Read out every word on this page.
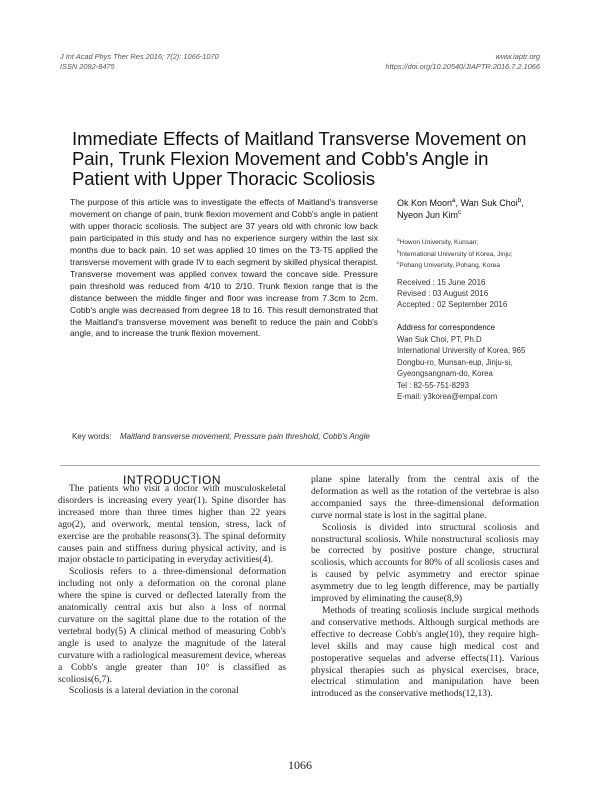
J Int Acad Phys Ther Res 2016; 7(2): 1066-1070
ISSN 2092-8475
www.iaptr.org
https://doi.org/10.20540/JIAPTR.2016.7.2.1066
Immediate Effects of Maitland Transverse Movement on Pain, Trunk Flexion Movement and Cobb's Angle in Patient with Upper Thoracic Scoliosis
The purpose of this article was to investigate the effects of Maitland's transverse movement on change of pain, trunk flexion movement and Cobb's angle in patient with upper thoracic scoliosis. The subject are 37 years old with chronic low back pain participated in this study and has no experience surgery within the last six months due to back pain. 10 set was applied 10 times on the T3-T5 applied the transverse movement with grade IV to each segment by skilled physical therapist. Transverse movement was applied convex toward the concave side. Pressure pain threshold was reduced from 4/10 to 2/10. Trunk flexion range that is the distance between the middle finger and floor was increase from 7.3cm to 2cm. Cobb's angle was decreased from degree 18 to 16. This result demonstrated that the Maitland's transverse movement was benefit to reduce the pain and Cobb's angle, and to increase the trunk flexion movement.
Ok Kon Moon$^a$, Wan Suk Choi$^b$,
Nyeon Jun Kim$^c$
$^a$Howon University, Kunsan;
$^b$International University of Korea, Jinju;
$^c$Pohang University, Pohang, Korea
Received : 15 June 2016
Revised : 03 August 2016
Accepted : 02 September 2016
Address for correspondence
Wan Suk Choi, PT, Ph.D
International University of Korea, 965
Dongbu-ro, Munsan-eup, Jinju-si,
Gyeongsangnam-do, Korea
Tel : 82-55-751-8293
E-mail: y3korea@empal.com
Key words: Maitland transverse movement, Pressure pain threshold, Cobb's Angle
INTRODUCTION

The patients who visit a doctor with musculoskeletal disorders is increasing every year(1). Spine disorder has increased more than three times higher than 22 years ago(2), and overwork, mental tension, stress, lack of exercise are the probable reasons(3). The spinal deformity causes pain and stiffness during physical activity, and is major obstacle to participating in everyday activities(4).

Scoliosis refers to a three-dimensional deformation including not only a deformation on the coronal plane where the spine is curved or deflected laterally from the anatomically central axis but also a loss of normal curvature on the sagittal plane due to the rotation of the vertebral body(5) A clinical method of measuring Cobb's angle is used to analyze the magnitude of the lateral curvature with a radiological measurement device, whereas a Cobb's angle greater than 10° is classified as scoliosis(6,7).

Scoliosis is a lateral deviation in the coronal

plane spine laterally from the central axis of the deformation as well as the rotation of the vertebrae is also accompanied says the three-dimensional deformation curve normal state is lost in the sagittal plane.

Scoliosis is divided into structural scoliosis and nonstructural scoliosis. While nonstructural scoliosis may be corrected by positive posture change, structural scoliosis, which accounts for 80% of all scoliosis cases and is caused by pelvic asymmetry and erector spinae asymmetry due to leg length difference, may be partially improved by eliminating the cause(8,9)

Methods of treating scoliosis include surgical methods and conservative methods. Although surgical methods are effective to decrease Cobb's angle(10), they require high-level skills and may cause high medical cost and postoperative sequelas and adverse effects(11). Various physical therapies such as physical exercises, brace, electrical stimulation and manipulation have been introduced as the conservative methods(12,13).

1066
